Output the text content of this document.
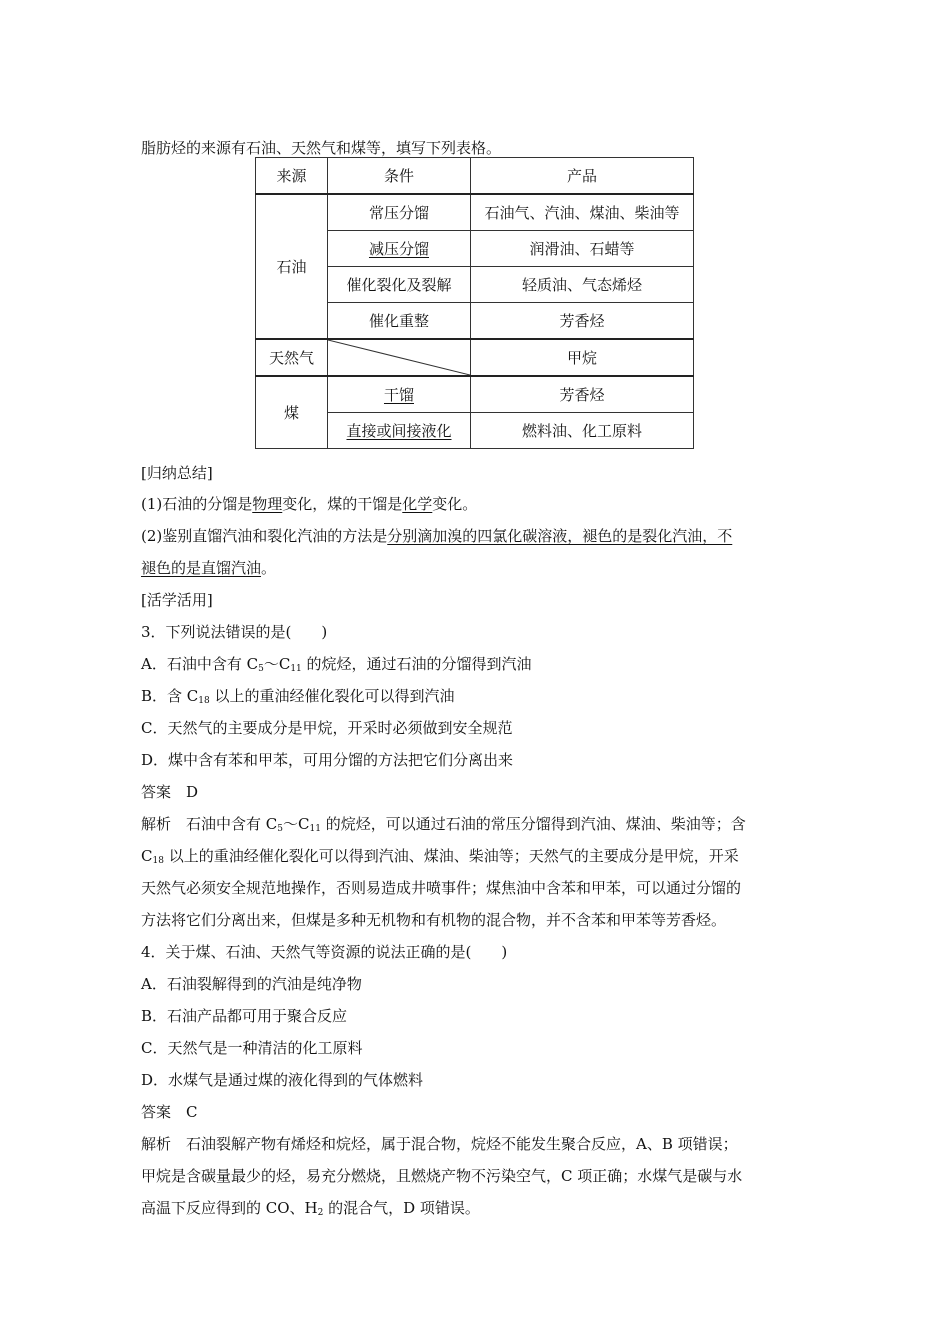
脂肪烃的来源有石油、天然气和煤等，填写下列表格。
来源	条件	产品
石油	常压分馏	石油气、汽油、煤油、柴油等
	减压分馏	润滑油、石蜡等
	催化裂化及裂解	轻质油、气态烯烃
	催化重整	芳香烃
天然气		甲烷
煤	干馏	芳香烃
	直接或间接液化	燃料油、化工原料
[归纳总结]
(1)石油的分馏是物理变化，煤的干馏是化学变化。
(2)鉴别直馏汽油和裂化汽油的方法是分别滴加溴的四氯化碳溶液，褪色的是裂化汽油，不
褪色的是直馏汽油。
[活学活用]
3．下列说法错误的是(　　)
A．石油中含有 $C_5\sim C_{11}$ 的烷烃，通过石油的分馏得到汽油
B．含 $C_{18}$ 以上的重油经催化裂化可以得到汽油
C．天然气的主要成分是甲烷，开采时必须做到安全规范
D．煤中含有苯和甲苯，可用分馏的方法把它们分离出来
答案　D
解析　石油中含有 $C_5\sim C_{11}$ 的烷烃，可以通过石油的常压分馏得到汽油、煤油、柴油等；含
$C_{18}$ 以上的重油经催化裂化可以得到汽油、煤油、柴油等；天然气的主要成分是甲烷，开采
天然气必须安全规范地操作，否则易造成井喷事件；煤焦油中含苯和甲苯，可以通过分馏的
方法将它们分离出来，但煤是多种无机物和有机物的混合物，并不含苯和甲苯等芳香烃。
4．关于煤、石油、天然气等资源的说法正确的是(　　)
A．石油裂解得到的汽油是纯净物
B．石油产品都可用于聚合反应
C．天然气是一种清洁的化工原料
D．水煤气是通过煤的液化得到的气体燃料
答案　C
解析　石油裂解产物有烯烃和烷烃，属于混合物，烷烃不能发生聚合反应，A、B 项错误；
甲烷是含碳量最少的烃，易充分燃烧，且燃烧产物不污染空气，C 项正确；水煤气是碳与水
高温下反应得到的 CO、$H_2$ 的混合气，D 项错误。
